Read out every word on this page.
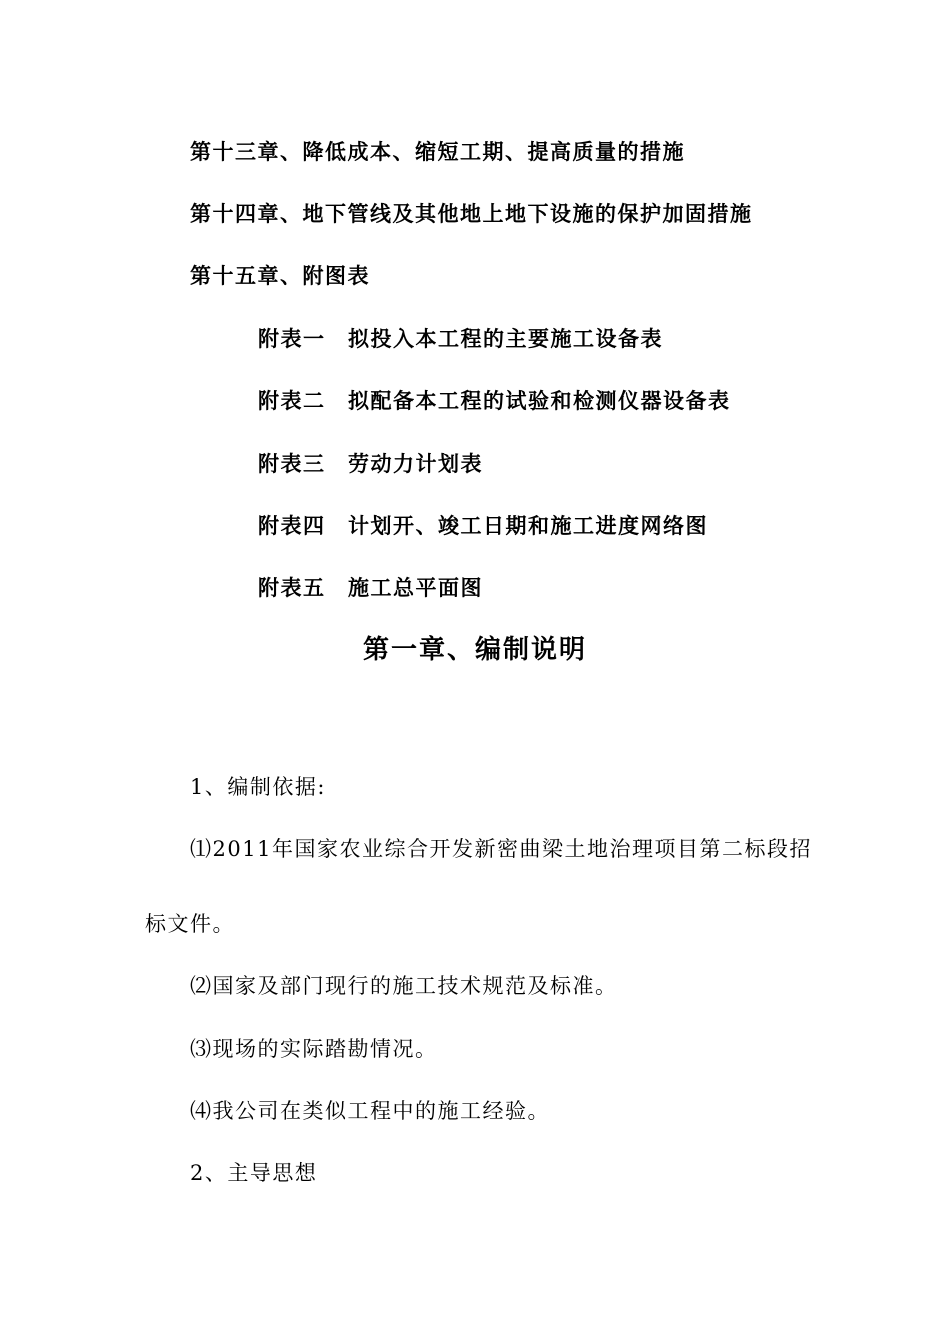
第十三章、降低成本、缩短工期、提高质量的措施
第十四章、地下管线及其他地上地下设施的保护加固措施
第十五章、附图表
附表一 拟投入本工程的主要施工设备表
附表二 拟配备本工程的试验和检测仪器设备表
附表三 劳动力计划表
附表四 计划开、竣工日期和施工进度网络图
附表五 施工总平面图
第一章、编制说明
1、编制依据:
⑴2011年国家农业综合开发新密曲梁土地治理项目第二标段招
标文件。
⑵国家及部门现行的施工技术规范及标准。
⑶现场的实际踏勘情况。
⑷我公司在类似工程中的施工经验。
2、主导思想
